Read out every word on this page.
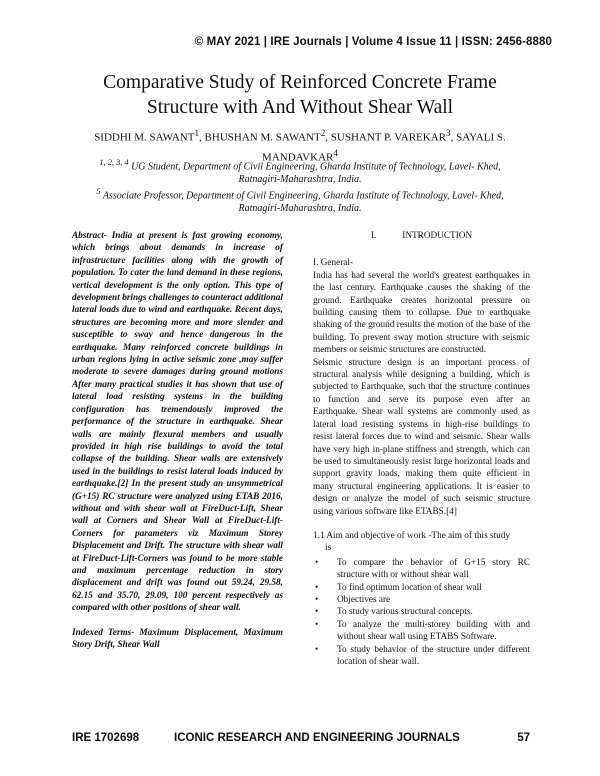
© MAY 2021 | IRE Journals | Volume 4 Issue 11 | ISSN: 2456-8880
Comparative Study of Reinforced Concrete Frame
Structure with And Without Shear Wall
SIDDHI M. SAWANT$^1$, BHUSHAN M. SAWANT$^2$, SUSHANT P. VAREKAR$^3$, SAYALI S.
MANDAVKAR$^4$
$^{1, 2, 3, 4}$ UG Student, Department of Civil Engineering, Gharda Institute of Technology, Lavel- Khed,
Ratnagiri-Maharashtra, India.
$^5$ Associate Professor, Department of Civil Engineering, Gharda Institute of Technology, Lavel- Khed,
Ratnagiri-Maharashtra, India.

Abstract- India at present is fast growing economy, which brings about demands in increase of infrastructure facilities along with the growth of population. To cater the land demand in these regions, vertical development is the only option. This type of development brings challenges to counteract additional lateral loads due to wind and earthquake. Recent days, structures are becoming more and more slender and susceptible to sway and hence dangerous in the earthquake. Many reinforced concrete buildings in urban regions lying in active seismic zone ,may suffer moderate to severe damages during ground motions After many practical studies it has shown that use of lateral load resisting systems in the building configuration has tremendously improved the performance of the structure in earthquake. Shear walls are mainly flexural members and usually provided in high rise buildings to avoid the total collapse of the building. Shear walls are extensively used in the buildings to resist lateral loads induced by earthquake.[2] In the present study an unsymmetrical (G+15) RC structure were analyzed using ETAB 2016, without and with shear wall at FireDuct-Lift, Shear wall at Corners and Shear Wall at FireDuct-Lift-Corners for parameters viz Maximum Storey Displacement and Drift. The structure with shear wall at FireDuct-Lift-Corners was found to be more stable and maximum percentage reduction in story displacement and drift was found out 59.24, 29.58, 62.15 and 35.70, 29.09, 100 percent respectively as compared with other positions of shear wall.

Indexed Terms- Maximum Displacement, Maximum Story Drift, Shear Wall

I.	INTRODUCTION

I. General-

India has had several the world's greatest earthquakes in the last century. Earthquake causes the shaking of the ground. Earthquake creates horizontal pressure on building causing them to collapse. Due to earthquake shaking of the ground results the motion of the base of the building. To prevent sway motion structure with seismic members or seismic structures are constructed.

Seismic structure design is an important process of structural analysis while designing a building, which is subjected to Earthquake, such that the structure continues to function and serve its purpose even after an Earthquake. Shear wall systems are commonly used as lateral load resisting systems in high-rise buildings to resist lateral forces due to wind and seismic. Shear walls have very high in-plane stiffness and strength, which can be used to simultaneously resist large horizontal loads and support gravity loads, making them quite efficient in many structural engineering applications. It is easier to design or analyze the model of such seismic structure using various software like ETABS.[4]

1.1 Aim and objective of work -The aim of this study

is

• To compare the behavior of G+15 story RC structure with or without shear wall
• To find optimum location of shear wall
• Objectives are
• To study various structural concepts.
• To analyze the multi-storey building with and without shear wall using ETABS Software.
• To study behavior of the structure under different location of shear wall.
IRE 1702698	ICONIC RESEARCH AND ENGINEERING JOURNALS	57
